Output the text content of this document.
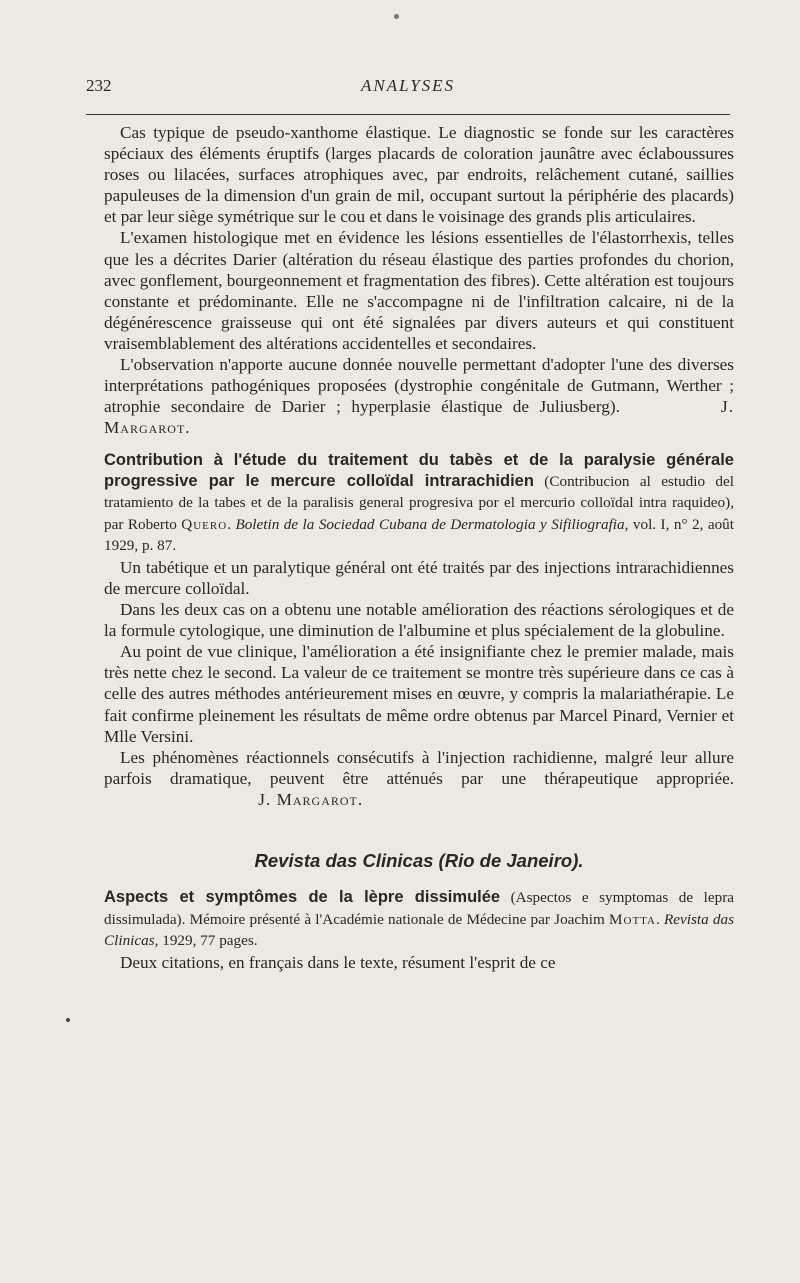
232	ANALYSES

Cas typique de pseudo-xanthome élastique. Le diagnostic se fonde sur les caractères spéciaux des éléments éruptifs (larges placards de coloration jaunâtre avec éclaboussures roses ou lilacées, surfaces atrophiques avec, par endroits, relâchement cutané, saillies papuleuses de la dimension d'un grain de mil, occupant surtout la périphérie des placards) et par leur siège symétrique sur le cou et dans le voisinage des grands plis articulaires.

L'examen histologique met en évidence les lésions essentielles de l'élastorrhexis, telles que les a décrites Darier (altération du réseau élastique des parties profondes du chorion, avec gonflement, bourgeonnement et fragmentation des fibres). Cette altération est toujours constante et prédominante. Elle ne s'accompagne ni de l'infiltration calcaire, ni de la dégénérescence graisseuse qui ont été signalées par divers auteurs et qui constituent vraisemblablement des altérations accidentelles et secondaires.

L'observation n'apporte aucune donnée nouvelle permettant d'adopter l'une des diverses interprétations pathogéniques proposées (dystrophie congénitale de Gutmann, Werther ; atrophie secondaire de Darier ; hyperplasie élastique de Juliusberg).	J. Margarot.

Contribution à l'étude du traitement du tabès et de la paralysie générale progressive par le mercure colloïdal intrarachidien (Contribucion al estudio del tratamiento de la tabes et de la paralisis general progresiva por el mercurio colloïdal intra raquideo), par Roberto Quero. Boletin de la Sociedad Cubana de Dermatologia y Sifiliografia, vol. I, n° 2, août 1929, p. 87.

Un tabétique et un paralytique général ont été traités par des injections intrarachidiennes de mercure colloïdal.

Dans les deux cas on a obtenu une notable amélioration des réactions sérologiques et de la formule cytologique, une diminution de l'albumine et plus spécialement de la globuline.

Au point de vue clinique, l'amélioration a été insignifiante chez le premier malade, mais très nette chez le second. La valeur de ce traitement se montre très supérieure dans ce cas à celle des autres méthodes antérieurement mises en œuvre, y compris la malariathérapie. Le fait confirme pleinement les résultats de même ordre obtenus par Marcel Pinard, Vernier et Mlle Versini.

Les phénomènes réactionnels consécutifs à l'injection rachidienne, malgré leur allure parfois dramatique, peuvent être atténués par une thérapeutique appropriée.  J. Margarot.

Revista das Clinicas (Rio de Janeiro).

Aspects et symptômes de la lèpre dissimulée (Aspectos e symptomas de lepra dissimulada). Mémoire présenté à l'Académie nationale de Médecine par Joachim Motta. Revista das Clinicas, 1929, 77 pages.

Deux citations, en français dans le texte, résument l'esprit de ce
